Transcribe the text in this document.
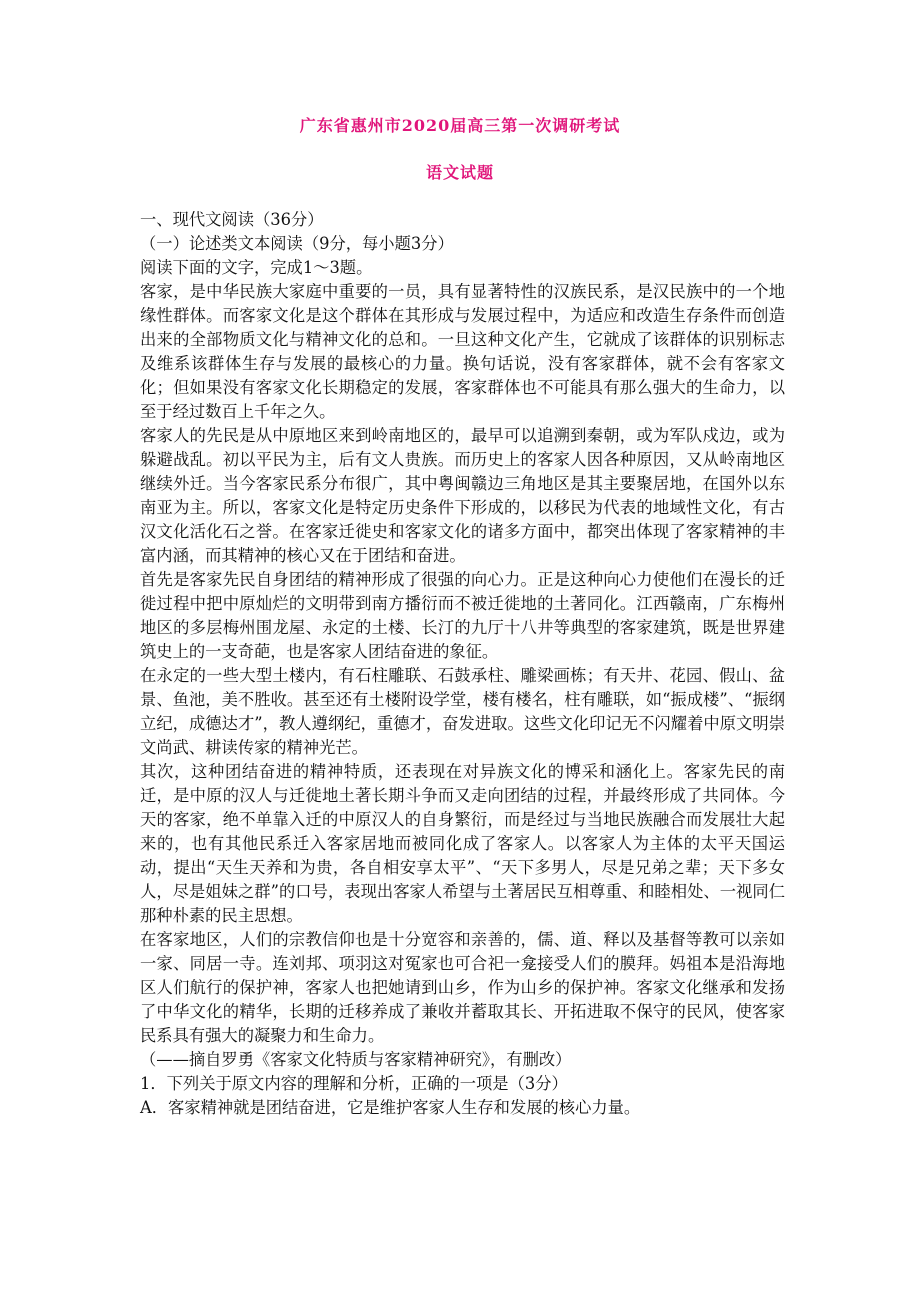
广东省惠州市2020届高三第一次调研考试
语文试题

一、现代文阅读（36分）

（一）论述类文本阅读（9分，每小题3分）

阅读下面的文字，完成1～3题。

客家，是中华民族大家庭中重要的一员，具有显著特性的汉族民系，是汉民族中的一个地缘性群体。而客家文化是这个群体在其形成与发展过程中，为适应和改造生存条件而创造出来的全部物质文化与精神文化的总和。一旦这种文化产生，它就成了该群体的识别标志及维系该群体生存与发展的最核心的力量。换句话说，没有客家群体，就不会有客家文化；但如果没有客家文化长期稳定的发展，客家群体也不可能具有那么强大的生命力，以至于经过数百上千年之久。

客家人的先民是从中原地区来到岭南地区的，最早可以追溯到秦朝，或为军队戍边，或为躲避战乱。初以平民为主，后有文人贵族。而历史上的客家人因各种原因，又从岭南地区继续外迁。当今客家民系分布很广，其中粤闽赣边三角地区是其主要聚居地，在国外以东南亚为主。所以，客家文化是特定历史条件下形成的，以移民为代表的地域性文化，有古汉文化活化石之誉。在客家迁徙史和客家文化的诸多方面中，都突出体现了客家精神的丰富内涵，而其精神的核心又在于团结和奋进。

首先是客家先民自身团结的精神形成了很强的向心力。正是这种向心力使他们在漫长的迁徙过程中把中原灿烂的文明带到南方播衍而不被迁徙地的土著同化。江西赣南，广东梅州地区的多层梅州围龙屋、永定的土楼、长汀的九厅十八井等典型的客家建筑，既是世界建筑史上的一支奇葩，也是客家人团结奋进的象征。

在永定的一些大型土楼内，有石柱雕联、石鼓承柱、雕梁画栋；有天井、花园、假山、盆景、鱼池，美不胜收。甚至还有土楼附设学堂，楼有楼名，柱有雕联，如“振成楼”、“振纲立纪，成德达才”，教人遵纲纪，重德才，奋发进取。这些文化印记无不闪耀着中原文明崇文尚武、耕读传家的精神光芒。

其次，这种团结奋进的精神特质，还表现在对异族文化的博采和涵化上。客家先民的南迁，是中原的汉人与迁徙地土著长期斗争而又走向团结的过程，并最终形成了共同体。今天的客家，绝不单靠入迁的中原汉人的自身繁衍，而是经过与当地民族融合而发展壮大起来的，也有其他民系迁入客家居地而被同化成了客家人。以客家人为主体的太平天国运动，提出“天生天养和为贵，各自相安享太平”、“天下多男人，尽是兄弟之辈；天下多女人，尽是姐妹之群”的口号，表现出客家人希望与土著居民互相尊重、和睦相处、一视同仁那种朴素的民主思想。

在客家地区，人们的宗教信仰也是十分宽容和亲善的，儒、道、释以及基督等教可以亲如一家、同居一寺。连刘邦、项羽这对冤家也可合祀一龛接受人们的膜拜。妈祖本是沿海地区人们航行的保护神，客家人也把她请到山乡，作为山乡的保护神。客家文化继承和发扬了中华文化的精华，长期的迁移养成了兼收并蓄取其长、开拓进取不保守的民风，使客家民系具有强大的凝聚力和生命力。

（——摘自罗勇《客家文化特质与客家精神研究》，有删改）

1．下列关于原文内容的理解和分析，正确的一项是（3分）

A．客家精神就是团结奋进，它是维护客家人生存和发展的核心力量。
